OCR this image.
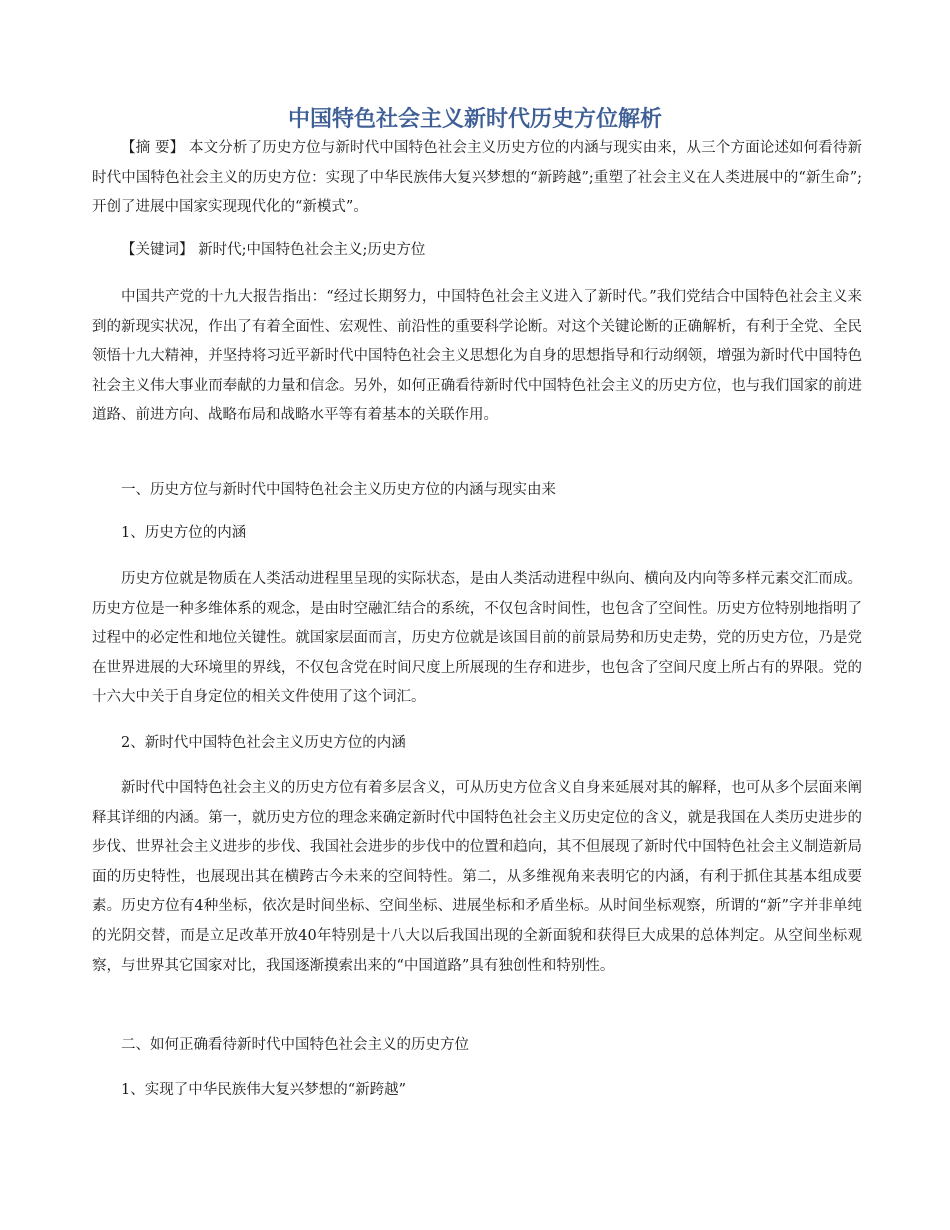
中国特色社会主义新时代历史方位解析

【摘 要】 本文分析了历史方位与新时代中国特色社会主义历史方位的内涵与现实由来，从三个方面论述如何看待新时代中国特色社会主义的历史方位：实现了中华民族伟大复兴梦想的“新跨越”;重塑了社会主义在人类进展中的“新生命”;开创了进展中国家实现现代化的“新模式”。

【关键词】 新时代;中国特色社会主义;历史方位

中国共产党的十九大报告指出：“经过长期努力，中国特色社会主义进入了新时代。”我们党结合中国特色社会主义来到的新现实状况，作出了有着全面性、宏观性、前沿性的重要科学论断。对这个关键论断的正确解析，有利于全党、全民领悟十九大精神，并坚持将习近平新时代中国特色社会主义思想化为自身的思想指导和行动纲领，增强为新时代中国特色社会主义伟大事业而奉献的力量和信念。另外，如何正确看待新时代中国特色社会主义的历史方位，也与我们国家的前进道路、前进方向、战略布局和战略水平等有着基本的关联作用。

一、历史方位与新时代中国特色社会主义历史方位的内涵与现实由来

1、历史方位的内涵

历史方位就是物质在人类活动进程里呈现的实际状态，是由人类活动进程中纵向、横向及内向等多样元素交汇而成。历史方位是一种多维体系的观念，是由时空融汇结合的系统，不仅包含时间性，也包含了空间性。历史方位特别地指明了过程中的必定性和地位关键性。就国家层面而言，历史方位就是该国目前的前景局势和历史走势，党的历史方位，乃是党在世界进展的大环境里的界线，不仅包含党在时间尺度上所展现的生存和进步，也包含了空间尺度上所占有的界限。党的十六大中关于自身定位的相关文件使用了这个词汇。

2、新时代中国特色社会主义历史方位的内涵

新时代中国特色社会主义的历史方位有着多层含义，可从历史方位含义自身来延展对其的解释，也可从多个层面来阐释其详细的内涵。第一，就历史方位的理念来确定新时代中国特色社会主义历史定位的含义，就是我国在人类历史进步的步伐、世界社会主义进步的步伐、我国社会进步的步伐中的位置和趋向，其不但展现了新时代中国特色社会主义制造新局面的历史特性，也展现出其在横跨古今未来的空间特性。第二，从多维视角来表明它的内涵，有利于抓住其基本组成要素。历史方位有4种坐标，依次是时间坐标、空间坐标、进展坐标和矛盾坐标。从时间坐标观察，所谓的“新”字并非单纯的光阴交替，而是立足改革开放40年特别是十八大以后我国出现的全新面貌和获得巨大成果的总体判定。从空间坐标观察，与世界其它国家对比，我国逐渐摸索出来的“中国道路”具有独创性和特别性。

二、如何正确看待新时代中国特色社会主义的历史方位

1、实现了中华民族伟大复兴梦想的“新跨越”
